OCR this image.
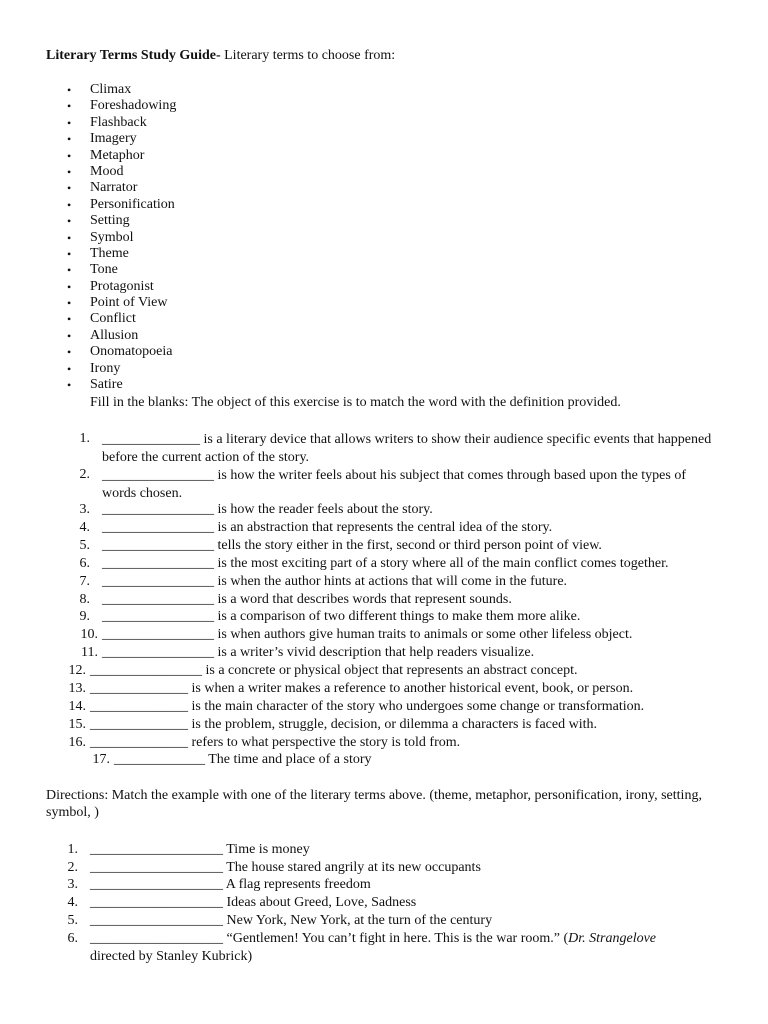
Literary Terms Study Guide- Literary terms to choose from:
• Climax
• Foreshadowing
• Flashback
• Imagery
• Metaphor
• Mood
• Narrator
• Personification
• Setting
• Symbol
• Theme
• Tone
• Protagonist
• Point of View
• Conflict
• Allusion
• Onomatopoeia
• Irony
• Satire
Fill in the blanks: The object of this exercise is to match the word with the definition provided.
1. ______________ is a literary device that allows writers to show their audience specific events that happened before the current action of the story.
2. ________________ is how the writer feels about his subject that comes through based upon the types of words chosen.
3. ________________ is how the reader feels about the story.
4. ________________ is an abstraction that represents the central idea of the story.
5. ________________ tells the story either in the first, second or third person point of view.
6. ________________ is the most exciting part of a story where all of the main conflict comes together.
7. ________________ is when the author hints at actions that will come in the future.
8. ________________ is a word that describes words that represent sounds.
9. ________________ is a comparison of two different things to make them more alike.
10. ________________ is when authors give human traits to animals or some other lifeless object.
11. ________________ is a writer’s vivid description that help readers visualize.
12. ________________ is a concrete or physical object that represents an abstract concept.
13. ______________ is when a writer makes a reference to another historical event, book, or person.
14. ______________ is the main character of the story who undergoes some change or transformation.
15. ______________ is the problem, struggle, decision, or dilemma a characters is faced with.
16. ______________ refers to what perspective the story is told from.
17. _____________ The time and place of a story
Directions: Match the example with one of the literary terms above. (theme, metaphor, personification, irony, setting, symbol, )
1. ___________________ Time is money
2. ___________________ The house stared angrily at its new occupants
3. ___________________ A flag represents freedom
4. ___________________ Ideas about Greed, Love, Sadness
5. ___________________ New York, New York, at the turn of the century
6. ___________________ “Gentlemen! You can’t fight in here. This is the war room.” (Dr. Strangelove
directed by Stanley Kubrick)
